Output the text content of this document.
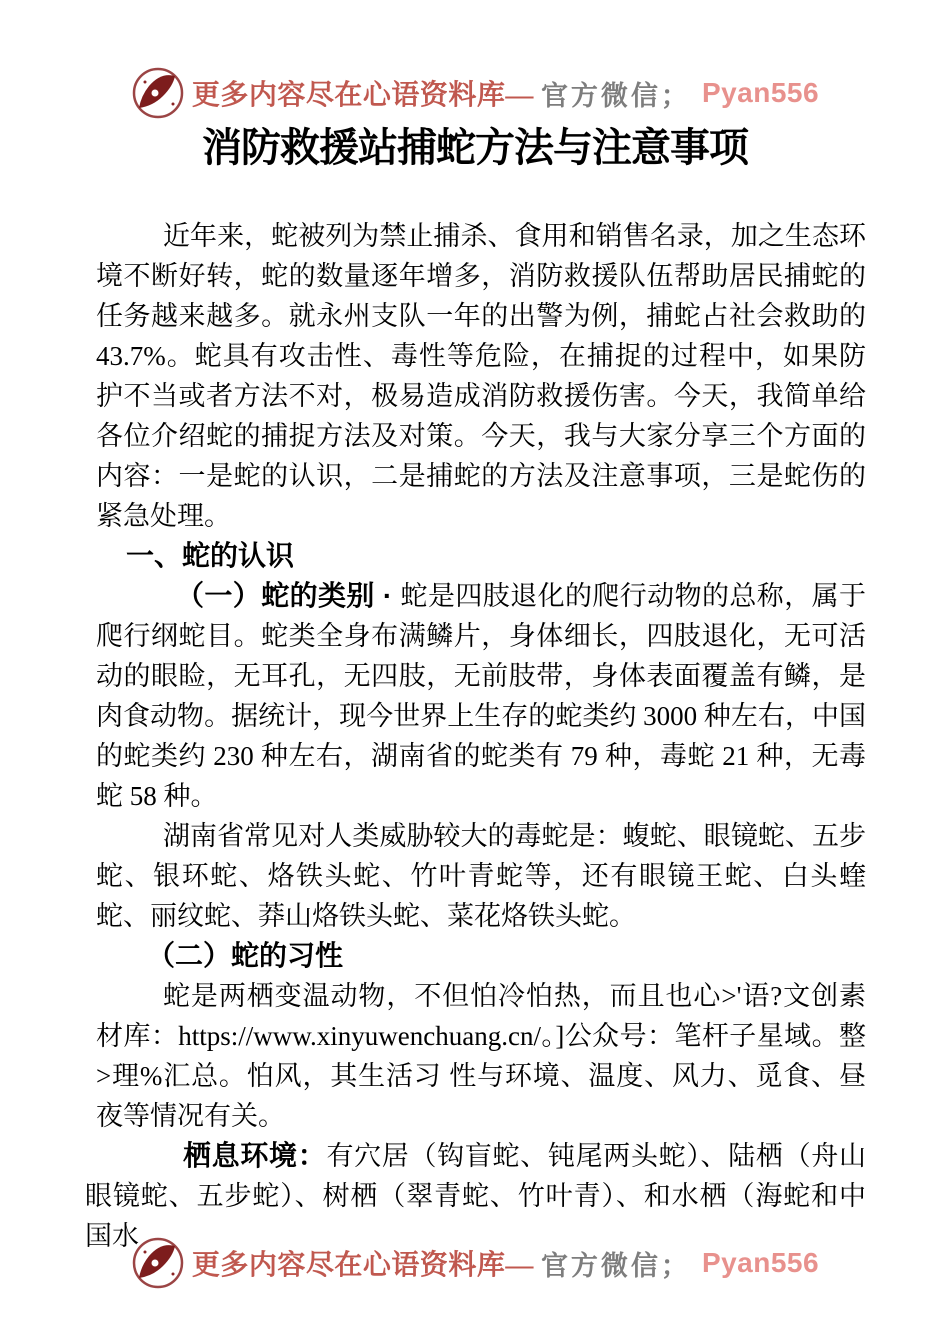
更多内容尽在心语资料库— 官方微信； Pyan556
消防救援站捕蛇方法与注意事项

近年来，蛇被列为禁止捕杀、食用和销售名录，加之生态环境不断好转，蛇的数量逐年增多，消防救援队伍帮助居民捕蛇的任务越来越多。就永州支队一年的出警为例，捕蛇占社会救助的43.7%。蛇具有攻击性、毒性等危险，在捕捉的过程中，如果防护不当或者方法不对，极易造成消防救援伤害。今天，我简单给各位介绍蛇的捕捉方法及对策。今天，我与大家分享三个方面的内容：一是蛇的认识，二是捕蛇的方法及注意事项，三是蛇伤的紧急处理。

一、蛇的认识

（一）蛇的类别 · 蛇是四肢退化的爬行动物的总称，属于爬行纲蛇目。蛇类全身布满鳞片，身体细长，四肢退化，无可活动的眼睑，无耳孔，无四肢，无前肢带，身体表面覆盖有鳞，是肉食动物。据统计，现今世界上生存的蛇类约 3000 种左右，中国的蛇类约 230 种左右，湖南省的蛇类有 79 种，毒蛇 21 种，无毒蛇 58 种。

湖南省常见对人类威胁较大的毒蛇是：蝮蛇、眼镜蛇、五步蛇、银环蛇、烙铁头蛇、竹叶青蛇等，还有眼镜王蛇、白头蝰蛇、丽纹蛇、莽山烙铁头蛇、菜花烙铁头蛇。

（二）蛇的习性

蛇是两栖变温动物，不但怕冷怕热，而且也心>'语?文创素材库：https://www.xinyuwenchuang.cn/。]公众号：笔杆子星域。整>理%汇总。怕风，其生活习 性与环境、温度、风力、觅食、昼夜等情况有关。

栖息环境：有穴居（钩盲蛇、钝尾两头蛇）、陆栖（舟山眼镜蛇、五步蛇）、树栖（翠青蛇、竹叶青）、和水栖（海蛇和中国水

更多内容尽在心语资料库— 官方微信； Pyan556
